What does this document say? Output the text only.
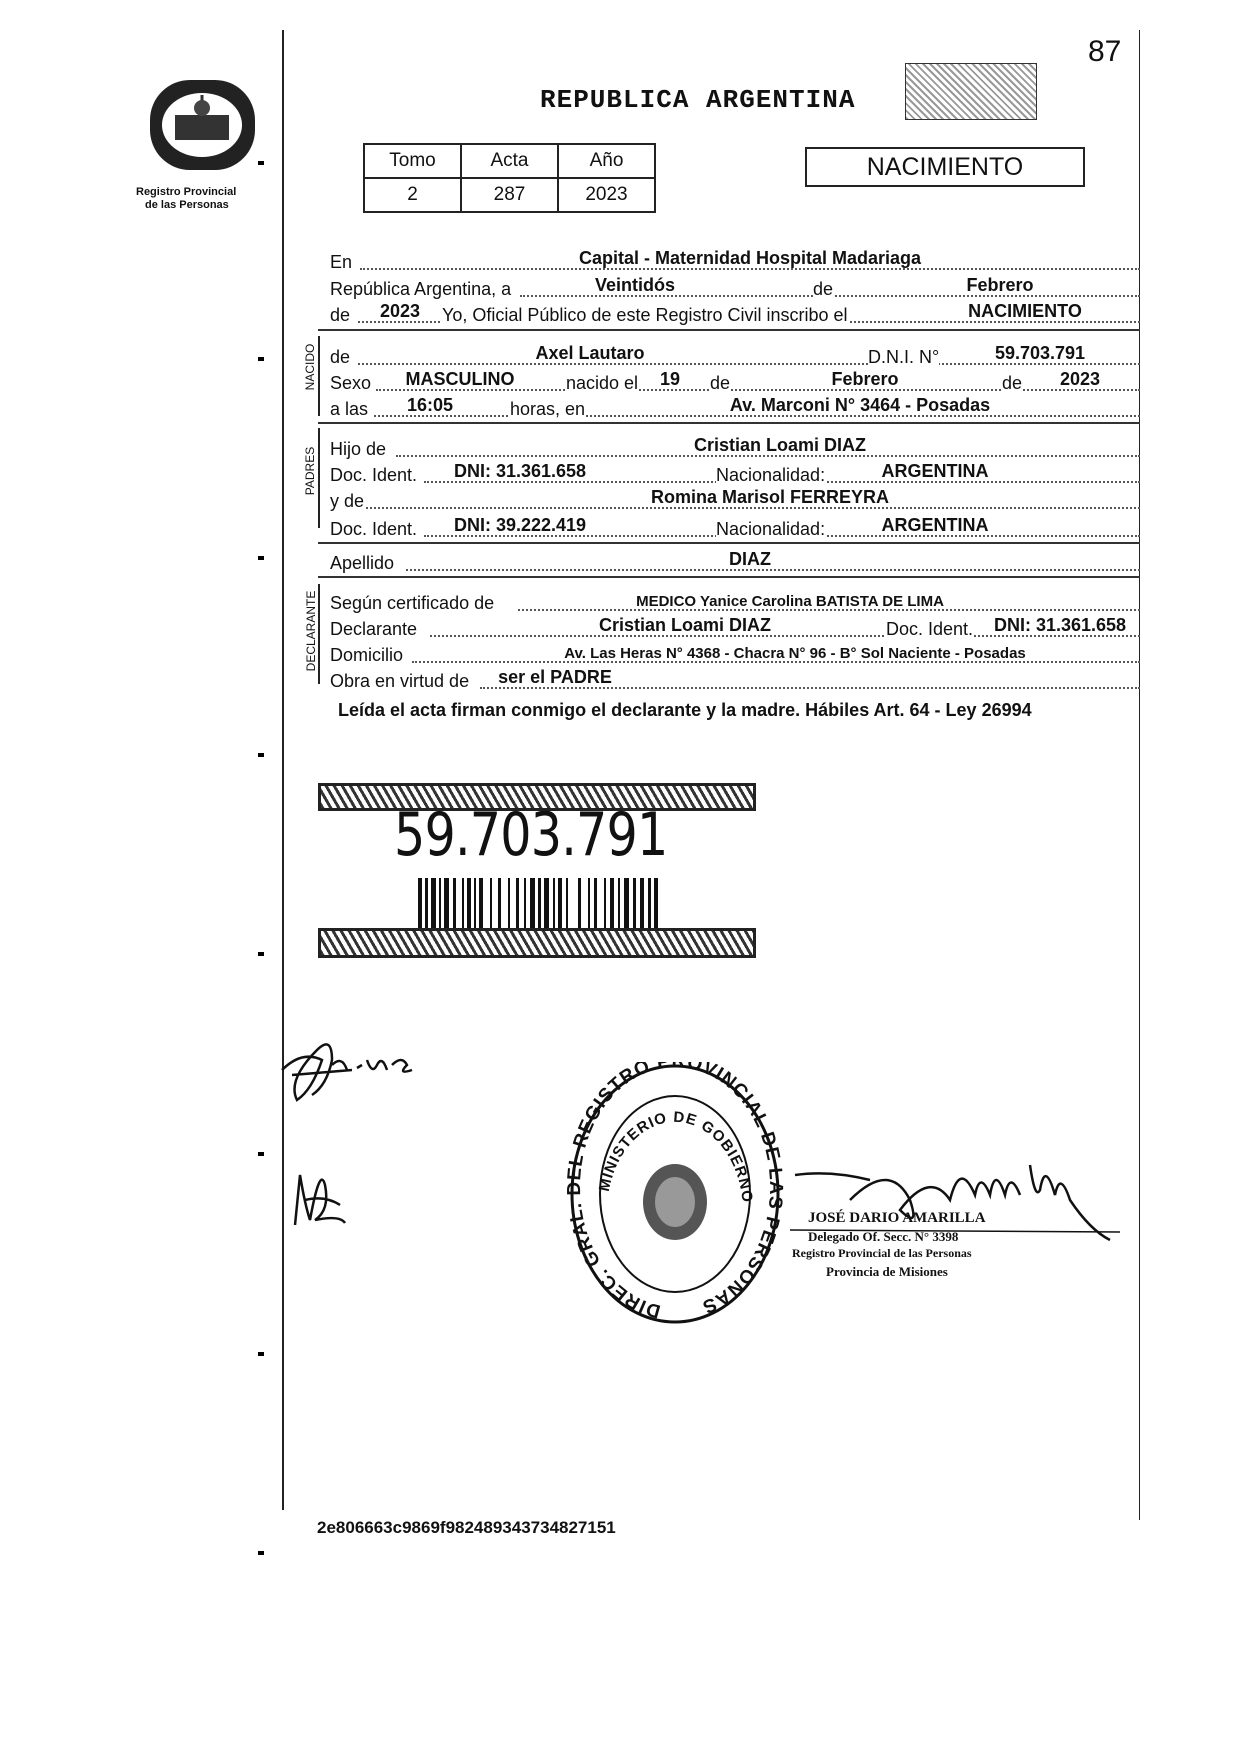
87
Registro Provincial
de las Personas
REPUBLICA ARGENTINA
Tomo	Acta	Año
2	287	2023
NACIMIENTO
En	Capital - Maternidad Hospital Madariaga
República Argentina, a	Veintidós	de	Febrero
de	2023	Yo, Oficial Público de este Registro Civil inscribo el	NACIMIENTO
NACIDO de	Axel Lautaro	D.N.I. N°	59.703.791
Sexo	MASCULINO	nacido el	19	de	Febrero	de	2023
a las	16:05	horas, en	Av. Marconi N° 3464 - Posadas
PADRES Hijo de	Cristian Loami DIAZ
Doc. Ident.	DNI: 31.361.658	Nacionalidad:	ARGENTINA
y de	Romina Marisol FERREYRA
Doc. Ident.	DNI: 39.222.419	Nacionalidad:	ARGENTINA
Apellido	DIAZ
DECLARANTE Según certificado de	MEDICO Yanice Carolina BATISTA DE LIMA
Declarante	Cristian Loami DIAZ	Doc. Ident.	DNI: 31.361.658
Domicilio	Av. Las Heras N° 4368 - Chacra N° 96 - B° Sol Naciente - Posadas
Obra en virtud de	ser el PADRE
Leída el acta firman conmigo el declarante y la madre. Hábiles Art. 64 - Ley 26994
59.703.791
DIREC. GRAL. DEL REGISTRO P OVINCIAL DE LAS PERSONAS
MINISTERIO DE GOBIERNO
JOSÉ DARIO AMARILLA
Delegado Of. Secc. N° 3398
Registro Provincial de las Personas
Provincia de Misiones
2e806663c9869f982489343734827151
